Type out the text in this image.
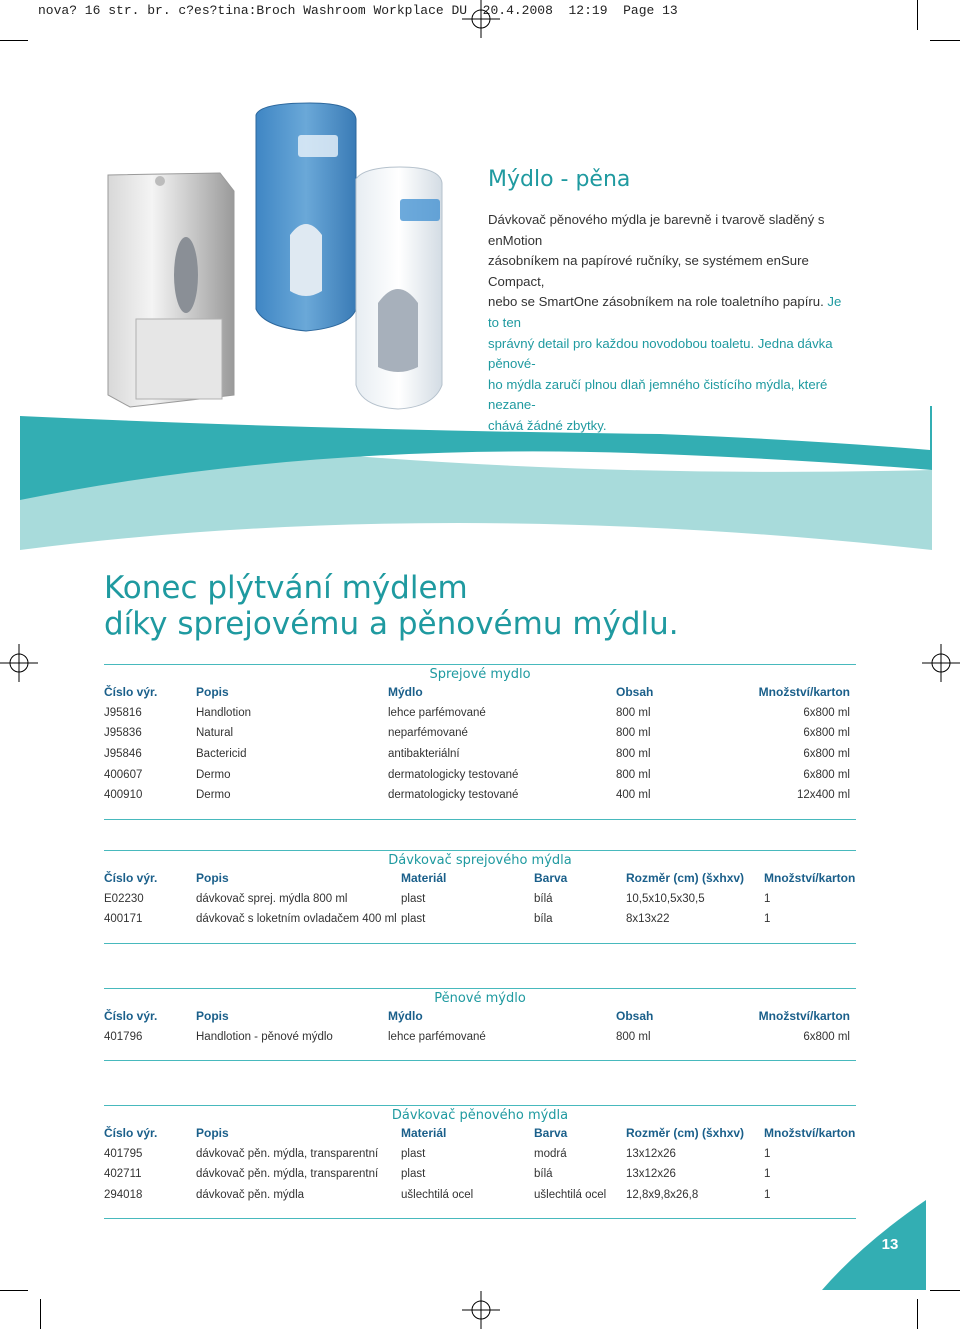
nova? 16 str. br. c?es?tina:Broch Washroom Workplace DU  20.4.2008  12:19  Page 13
Mýdlo - pěna
Dávkovač pěnového mýdla je barevně i tvarově sladěný s enMotion
zásobníkem na papírové ručníky, se systémem enSure Compact,
nebo se SmartOne zásobníkem na role toaletního papíru. Je to ten
správný detail pro každou novodobou toaletu. Jedna dávka pěnové-
ho mýdla zaručí plnou dlaň jemného čistícího mýdla, které nezane-
chává žádné zbytky.
Konec plýtvání mýdlem
díky sprejovému a pěnovému mýdlu.
Sprejové mydlo
Číslo výr.	Popis	Mýdlo	Obsah	Množství/karton
J95816	Handlotion	lehce parfémované	800 ml	6x800 ml
J95836	Natural	neparfémované	800 ml	6x800 ml
J95846	Bactericid	antibakteriální	800 ml	6x800 ml
400607	Dermo	dermatologicky testované	800 ml	6x800 ml
400910	Dermo	dermatologicky testované	400 ml	12x400 ml
Dávkovač sprejového mýdla
Číslo výr.	Popis	Materiál	Barva	Rozměr (cm) (šxhxv)	Množství/karton
E02230	dávkovač sprej. mýdla 800 ml	plast	bílá	10,5x10,5x30,5	1
400171	dávkovač s loketním ovladačem 400 ml	plast	bíla	8x13x22	1
Pěnové mýdlo
Číslo výr.	Popis	Mýdlo	Obsah	Množství/karton
401796	Handlotion - pěnové mýdlo	lehce parfémované	800 ml	6x800 ml
Dávkovač pěnového mýdla
Číslo výr.	Popis	Materiál	Barva	Rozměr (cm) (šxhxv)	Množství/karton
401795	dávkovač pěn. mýdla, transparentní	plast	modrá	13x12x26	1
402711	dávkovač pěn. mýdla, transparentní	plast	bílá	13x12x26	1
294018	dávkovač pěn. mýdla	ušlechtilá ocel	ušlechtilá ocel	12,8x9,8x26,8	1
13
